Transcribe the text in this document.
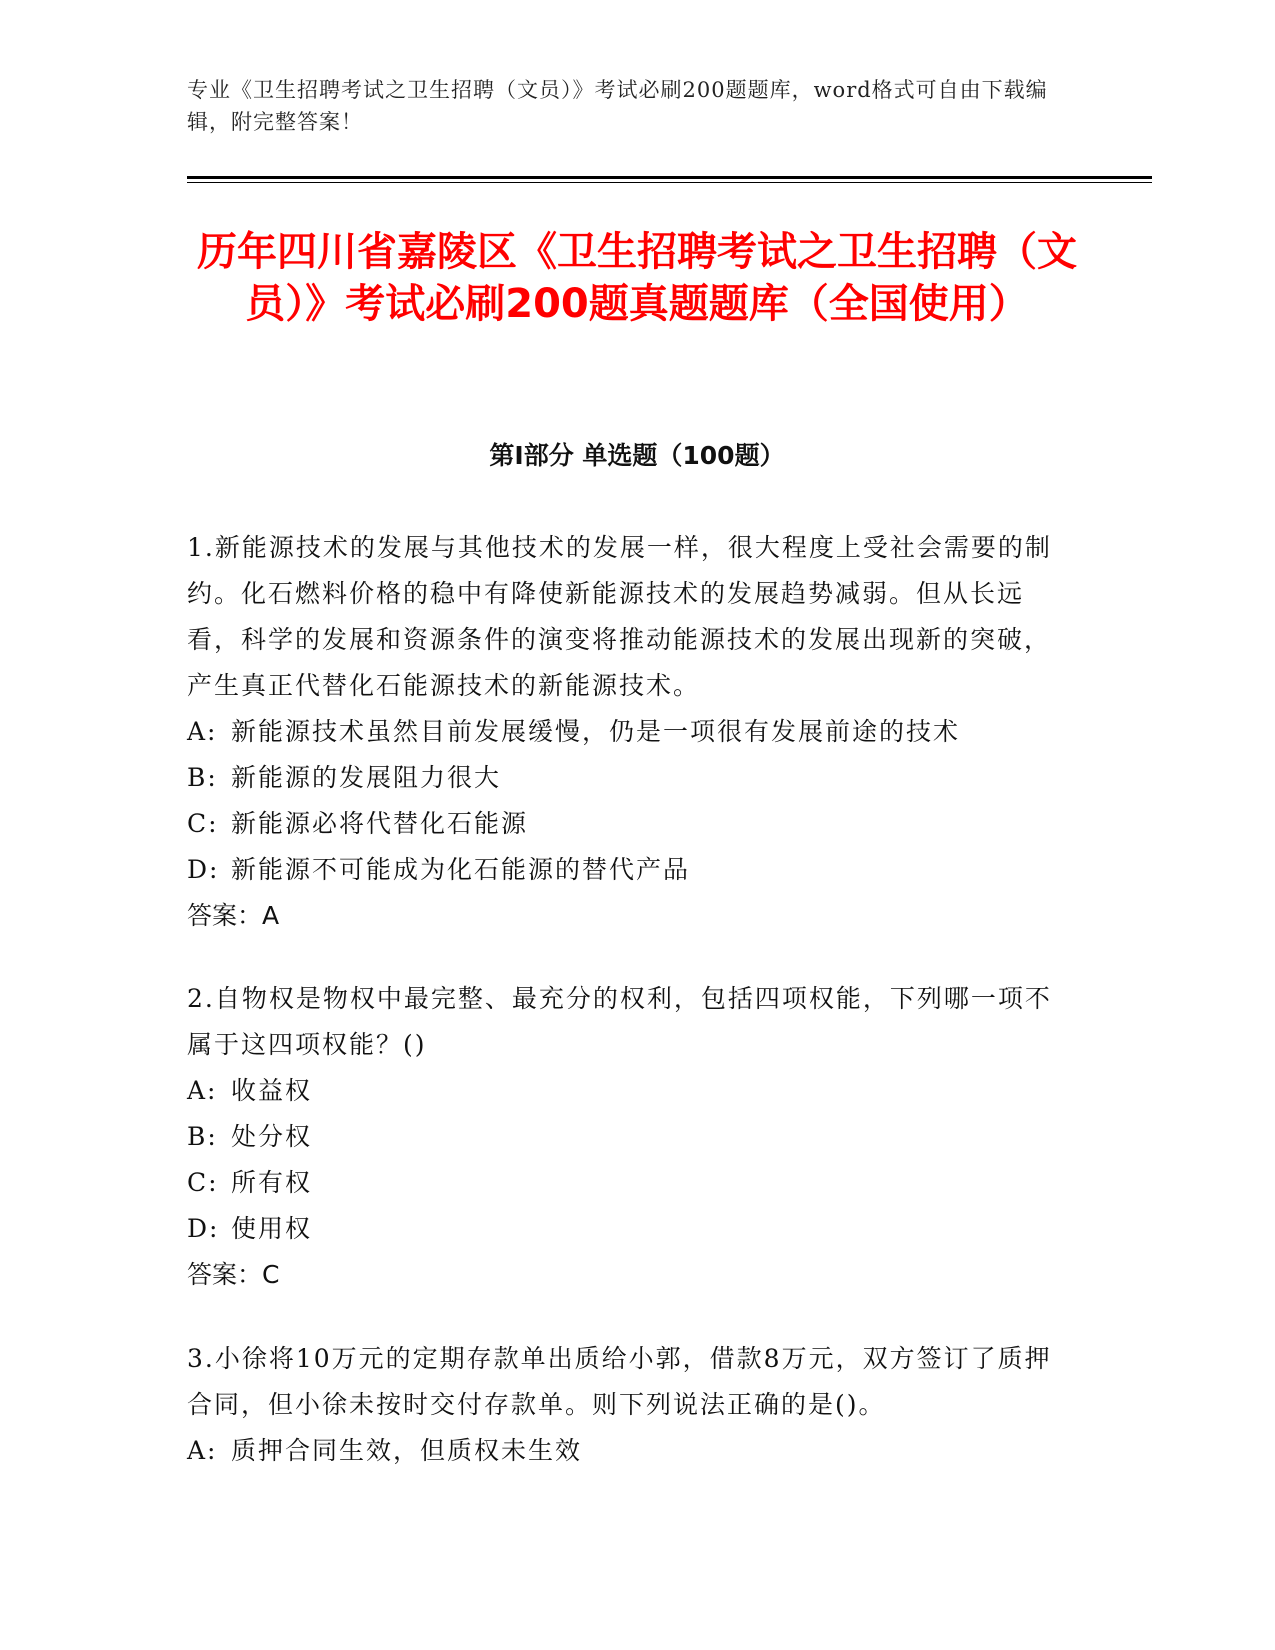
专业《卫生招聘考试之卫生招聘（文员）》考试必刷200题题库，word格式可自由下载编辑，附完整答案！
历年四川省嘉陵区《卫生招聘考试之卫生招聘（文员）》考试必刷200题真题题库（全国使用）
第I部分 单选题（100题）

1.新能源技术的发展与其他技术的发展一样，很大程度上受社会需要的制约。化石燃料价格的稳中有降使新能源技术的发展趋势减弱。但从长远看，科学的发展和资源条件的演变将推动能源技术的发展出现新的突破，产生真正代替化石能源技术的新能源技术。

A: 新能源技术虽然目前发展缓慢，仍是一项很有发展前途的技术
B: 新能源的发展阻力很大
C: 新能源必将代替化石能源
D: 新能源不可能成为化石能源的替代产品
答案：A

2.自物权是物权中最完整、最充分的权利，包括四项权能，下列哪一项不属于这四项权能？()

A: 收益权
B: 处分权
C: 所有权
D: 使用权
答案：C

3.小徐将10万元的定期存款单出质给小郭，借款8万元，双方签订了质押合同，但小徐未按时交付存款单。则下列说法正确的是()。

A: 质押合同生效，但质权未生效
